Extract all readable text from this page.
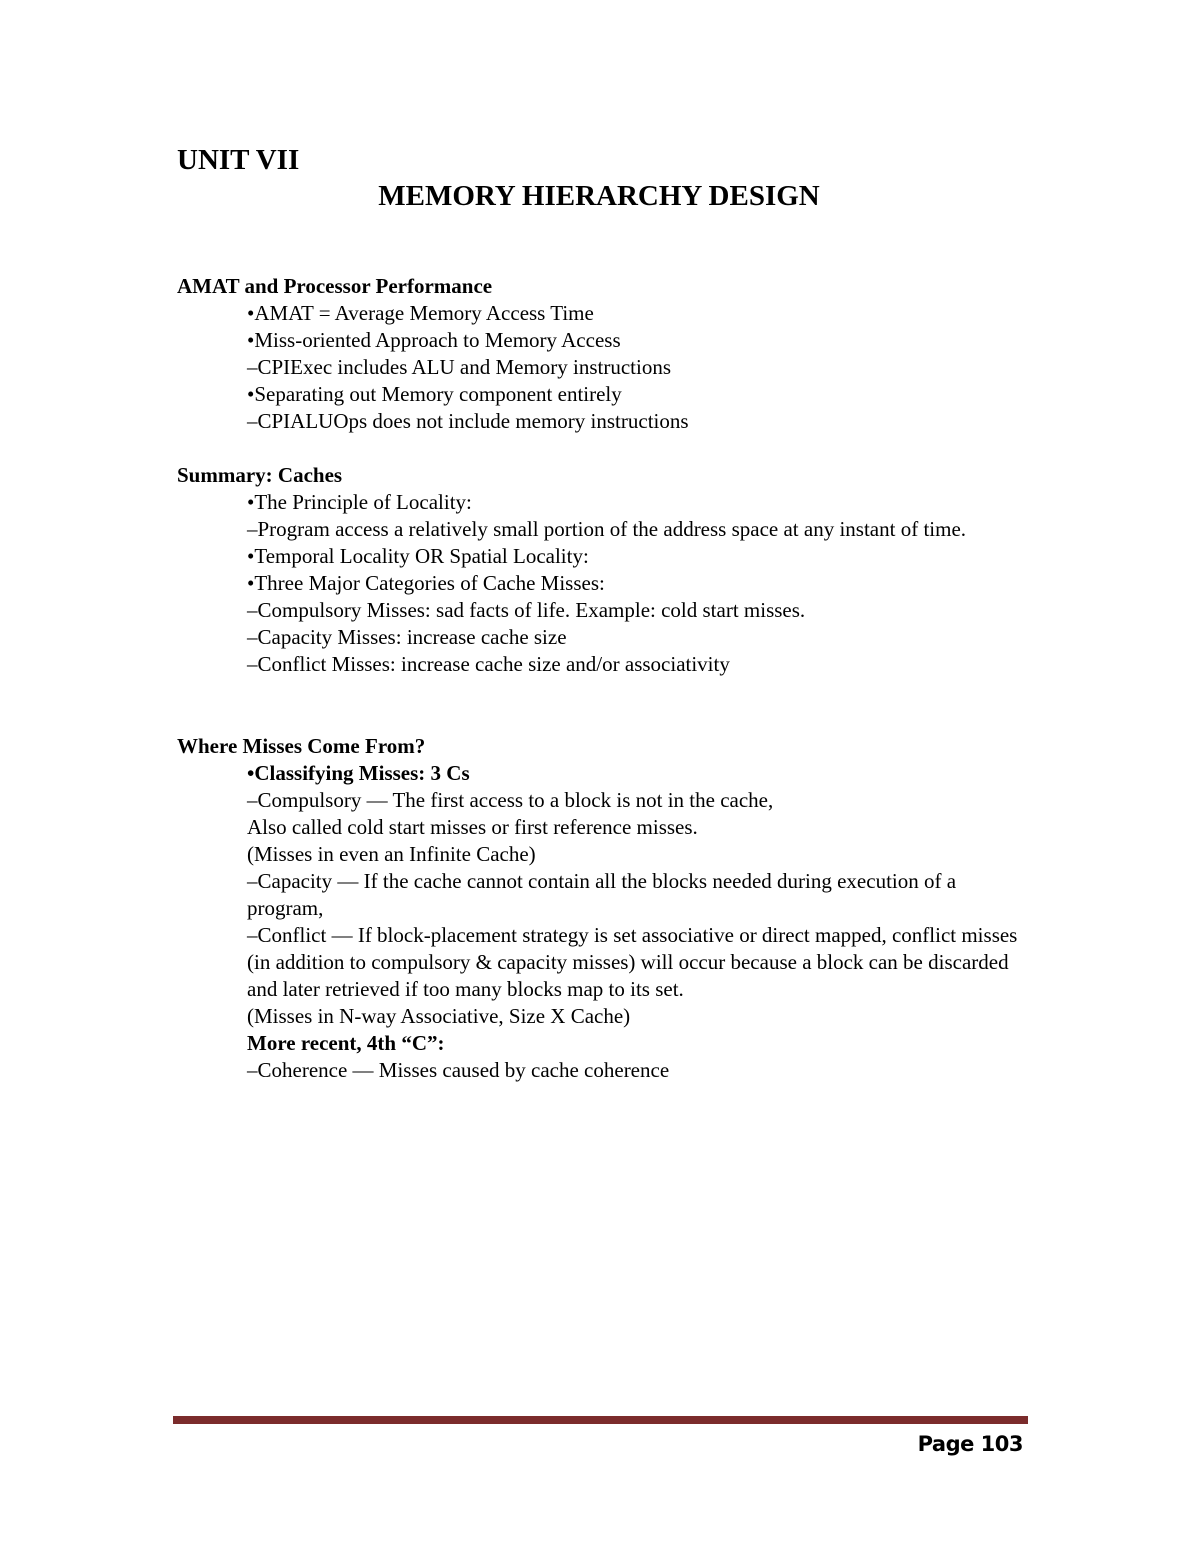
UNIT VII
MEMORY HIERARCHY DESIGN
AMAT and Processor Performance
•AMAT = Average Memory Access Time
•Miss-oriented Approach to Memory Access
–CPIExec includes ALU and Memory instructions
•Separating out Memory component entirely
–CPIALUOps does not include memory instructions
Summary: Caches
•The Principle of Locality:
–Program access a relatively small portion of the address space at any instant of time.
•Temporal Locality OR Spatial Locality:
•Three Major Categories of Cache Misses:
–Compulsory Misses: sad facts of life. Example: cold start misses.
–Capacity Misses: increase cache size
–Conflict Misses: increase cache size and/or associativity
Where Misses Come From?
•Classifying Misses: 3 Cs
–Compulsory — The first access to a block is not in the cache,
Also called cold start misses or first reference misses.
(Misses in even an Infinite Cache)
–Capacity — If the cache cannot contain all the blocks needed during execution of a program,
–Conflict — If block-placement strategy is set associative or direct mapped, conflict misses (in addition to compulsory & capacity misses) will occur because a block can be discarded and later retrieved if too many blocks map to its set.
(Misses in N-way Associative, Size X Cache)
More recent, 4th “C”:
–Coherence — Misses caused by cache coherence
Page 103
